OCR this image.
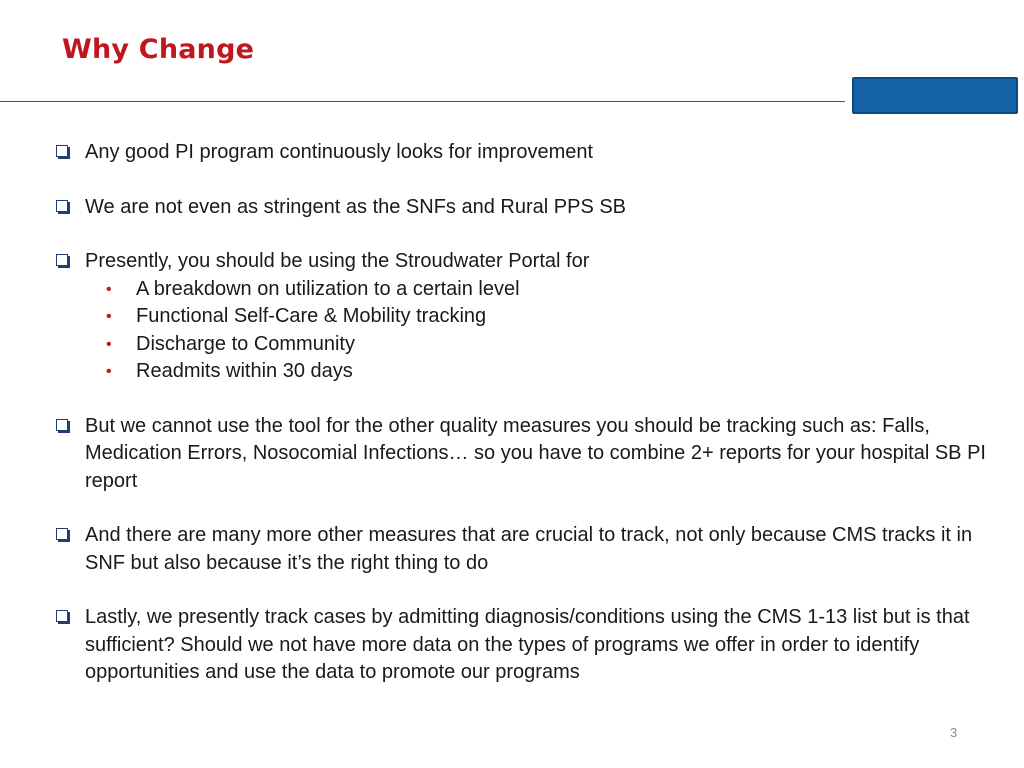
Why Change
Any good PI program continuously looks for improvement
We are not even as stringent as the SNFs and Rural PPS SB
Presently, you should be using the Stroudwater Portal for
• A breakdown on utilization to a certain level
• Functional Self-Care & Mobility tracking
• Discharge to Community
• Readmits within 30 days
But we cannot use the tool for the other quality measures you should be tracking such as: Falls, Medication Errors, Nosocomial Infections… so you have to combine 2+ reports for your hospital SB PI report
And there are many more other measures that are crucial to track, not only because CMS tracks it in SNF but also because it’s the right thing to do
Lastly, we presently track cases by admitting diagnosis/conditions using the CMS 1-13 list but is that sufficient? Should we not have more data on the types of programs we offer in order to identify opportunities and use the data to promote our programs
3
